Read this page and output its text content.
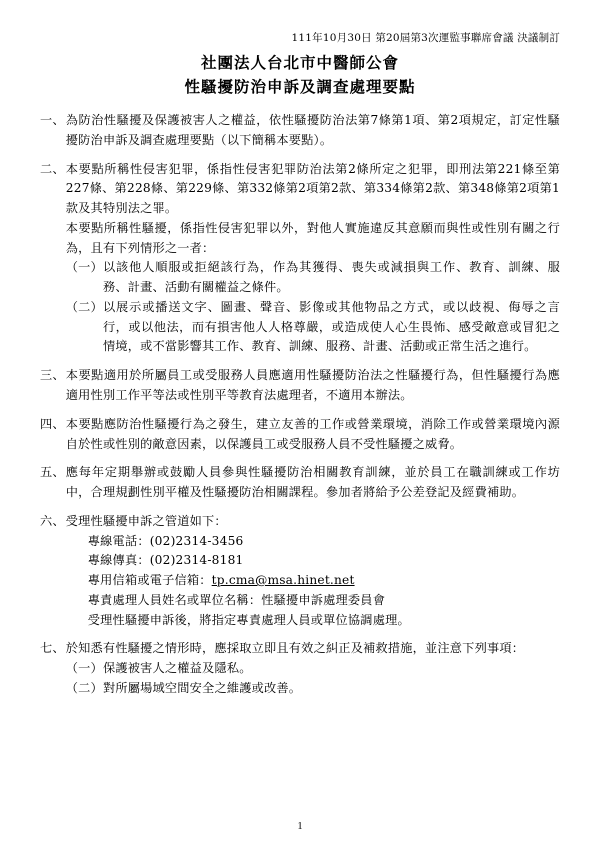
111年10月30日 第20屆第3次運監事聯席會議 決議制訂
社團法人台北市中醫師公會
性騷擾防治申訴及調查處理要點
一、 為防治性騷擾及保護被害人之權益，依性騷擾防治法第7條第1項、第2項規定，訂定性騷擾防治申訴及調查處理要點（以下簡稱本要點）。

二、 本要點所稱性侵害犯罪，係指性侵害犯罪防治法第2條所定之犯罪，即刑法第221條至第227條、第228條、第229條、第332條第2項第2款、第334條第2款、第348條第2項第1款及其特別法之罪。

本要點所稱性騷擾，係指性侵害犯罪以外，對他人實施違反其意願而與性或性別有關之行為，且有下列情形之一者：

（一） 以該他人順服或拒絕該行為，作為其獲得、喪失或減損與工作、教育、訓練、服務、計畫、活動有關權益之條件。
（二） 以展示或播送文字、圖畫、聲音、影像或其他物品之方式，或以歧視、侮辱之言行，或以他法，而有損害他人人格尊嚴，或造成使人心生畏怖、感受敵意或冒犯之情境，或不當影響其工作、教育、訓練、服務、計畫、活動或正常生活之進行。
三、 本要點適用於所屬員工或受服務人員應適用性騷擾防治法之性騷擾行為，但性騷擾行為應適用性別工作平等法或性別平等教育法處理者，不適用本辦法。

四、 本要點應防治性騷擾行為之發生，建立友善的工作或營業環境，消除工作或營業環境內源自於性或性別的敵意因素，以保護員工或受服務人員不受性騷擾之威脅。

五、 應每年定期舉辦或鼓勵人員參與性騷擾防治相關教育訓練，並於員工在職訓練或工作坊中，合理規劃性別平權及性騷擾防治相關課程。參加者將給予公差登記及經費補助。

六、 受理性騷擾申訴之管道如下：

專線電話：(02)2314-3456

專線傳真：(02)2314-8181

專用信箱或電子信箱：tp.cma@msa.hinet.net

專責處理人員姓名或單位名稱：性騷擾申訴處理委員會

受理性騷擾申訴後，將指定專責處理人員或單位協調處理。

七、 於知悉有性騷擾之情形時，應採取立即且有效之糾正及補救措施，並注意下列事項：

（一） 保護被害人之權益及隱私。
（二） 對所屬場域空間安全之維護或改善。
1
